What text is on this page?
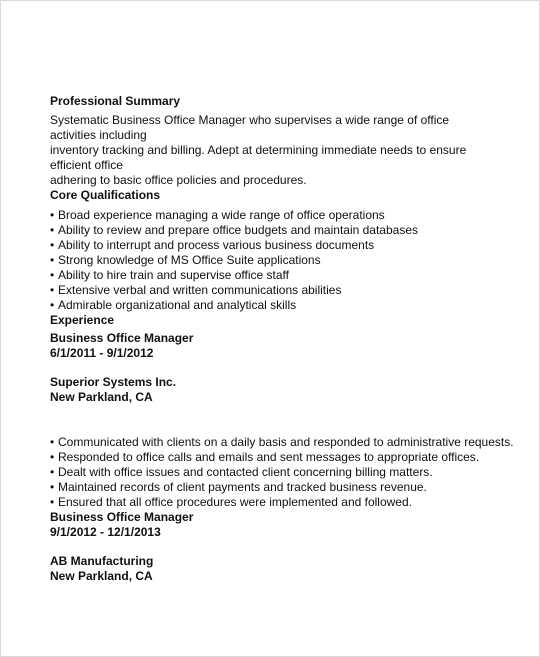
Professional Summary
Systematic Business Office Manager who supervises a wide range of office activities including
inventory tracking and billing. Adept at determining immediate needs to ensure efficient office
adhering to basic office policies and procedures.
Core Qualifications
• Broad experience managing a wide range of office operations
• Ability to review and prepare office budgets and maintain databases
• Ability to interrupt and process various business documents
• Strong knowledge of MS Office Suite applications
• Ability to hire train and supervise office staff
• Extensive verbal and written communications abilities
• Admirable organizational and analytical skills
Experience
Business Office Manager
6/1/2011 - 9/1/2012
Superior Systems Inc.
New Parkland, CA
• Communicated with clients on a daily basis and responded to administrative requests.
• Responded to office calls and emails and sent messages to appropriate offices.
• Dealt with office issues and contacted client concerning billing matters.
• Maintained records of client payments and tracked business revenue.
• Ensured that all office procedures were implemented and followed.
Business Office Manager
9/1/2012 - 12/1/2013
AB Manufacturing
New Parkland, CA
